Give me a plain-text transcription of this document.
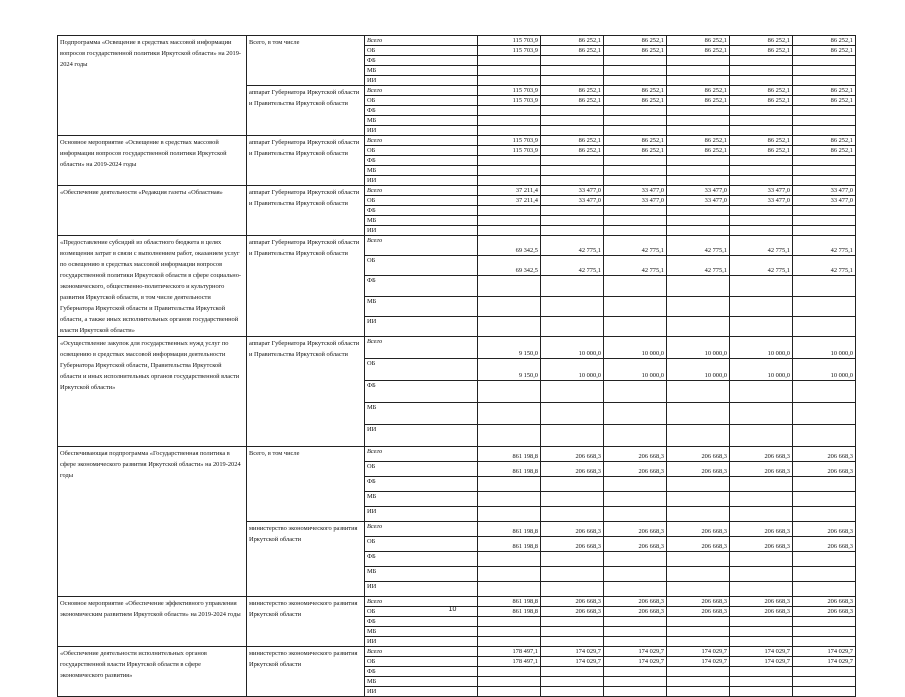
Подпрограмма «Освещение в средствах массовой информации вопросов государственной политики Иркутской области» на 2019-2024 годы	Всего, в том числе	Всего	115 703,9	86 252,1	86 252,1	86 252,1	86 252,1	86 252,1
		ОБ	115 703,9	86 252,1	86 252,1	86 252,1	86 252,1	86 252,1
		ФБ						
		МБ						
		ИИ						
	аппарат Губернатора Иркутской области и Правительства Иркутской области	Всего	115 703,9	86 252,1	86 252,1	86 252,1	86 252,1	86 252,1
		ОБ	115 703,9	86 252,1	86 252,1	86 252,1	86 252,1	86 252,1
		ФБ						
		МБ						
		ИИ						
Основное мероприятие «Освещение в средствах массовой информации вопросов государственной политики Иркутской области» на 2019-2024 годы	аппарат Губернатора Иркутской области и Правительства Иркутской области	Всего	115 703,9	86 252,1	86 252,1	86 252,1	86 252,1	86 252,1
		ОБ	115 703,9	86 252,1	86 252,1	86 252,1	86 252,1	86 252,1
		ФБ						
		МБ						
		ИИ						
«Обеспечение деятельности «Редакция газеты «Областная»	аппарат Губернатора Иркутской области и Правительства Иркутской области	Всего	37 211,4	33 477,0	33 477,0	33 477,0	33 477,0	33 477,0
		ОБ	37 211,4	33 477,0	33 477,0	33 477,0	33 477,0	33 477,0
		ФБ						
		МБ						
		ИИ						
«Предоставление субсидий из областного бюджета в целях возмещения затрат в связи с выполнением работ, оказанием услуг по освещению в средствах массовой информации вопросов государственной политики Иркутской области в сфере социально-экономического, общественно-политического и культурного развития Иркутской области, в том числе деятельности Губернатора Иркутской области и Правительства Иркутской области, а также иных исполнительных органов государственной власти Иркутской области»	аппарат Губернатора Иркутской области и Правительства Иркутской области	Всего	69 342,5	42 775,1	42 775,1	42 775,1	42 775,1	42 775,1
		ОБ	69 342,5	42 775,1	42 775,1	42 775,1	42 775,1	42 775,1
		ФБ						
		МБ						
		ИИ						
«Осуществление закупок для государственных нужд услуг по освещению в средствах массовой информации деятельности Губернатора Иркутской области, Правительства Иркутской области и иных исполнительных органов государственной власти Иркутской области»	аппарат Губернатора Иркутской области и Правительства Иркутской области	Всего	9 150,0	10 000,0	10 000,0	10 000,0	10 000,0	10 000,0
		ОБ	9 150,0	10 000,0	10 000,0	10 000,0	10 000,0	10 000,0
		ФБ						
		МБ						
		ИИ						
Обеспечивающая подпрограмма «Государственная политика в сфере экономического развития Иркутской области» на 2019-2024 годы	Всего, в том числе	Всего	861 198,8	206 668,3	206 668,3	206 668,3	206 668,3	206 668,3
		ОБ	861 198,8	206 668,3	206 668,3	206 668,3	206 668,3	206 668,3
		ФБ						
		МБ						
		ИИ						
	министерство экономического развития Иркутской области	Всего	861 198,8	206 668,3	206 668,3	206 668,3	206 668,3	206 668,3
		ОБ	861 198,8	206 668,3	206 668,3	206 668,3	206 668,3	206 668,3
		ФБ						
		МБ						
		ИИ						
Основное мероприятие «Обеспечение эффективного управления экономическим развитием Иркутской области» на 2019-2024 годы	министерство экономического развития Иркутской области	Всего	861 198,8	206 668,3	206 668,3	206 668,3	206 668,3	206 668,3
		ОБ	861 198,8	206 668,3	206 668,3	206 668,3	206 668,3	206 668,3
		ФБ						
		МБ						
		ИИ						
«Обеспечение деятельности исполнительных органов государственной власти Иркутской области в сфере экономического развития»	министерство экономического развития Иркутской области	Всего	178 497,1	174 029,7	174 029,7	174 029,7	174 029,7	174 029,7
		ОБ	178 497,1	174 029,7	174 029,7	174 029,7	174 029,7	174 029,7
		ФБ						
		МБ						
		ИИ						
10
